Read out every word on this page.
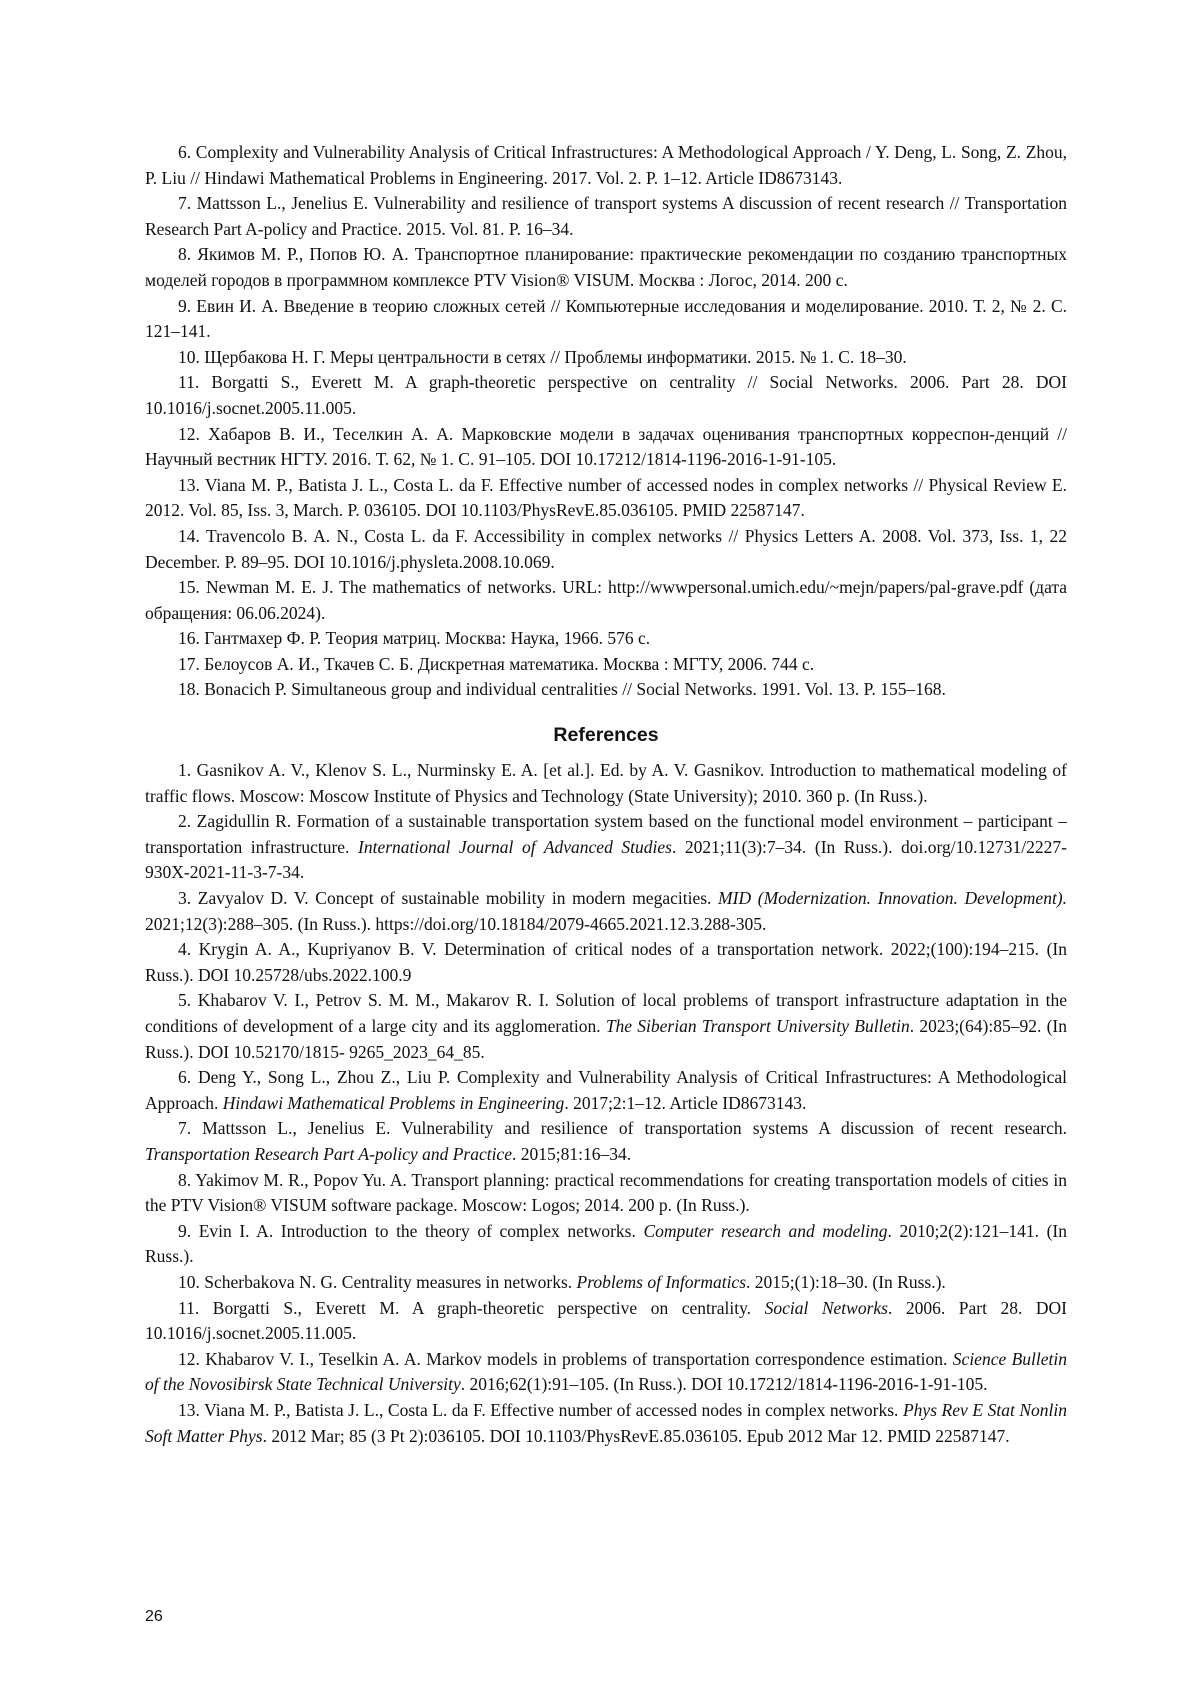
6. Complexity and Vulnerability Analysis of Critical Infrastructures: A Methodological Approach / Y. Deng, L. Song, Z. Zhou, P. Liu // Hindawi Mathematical Problems in Engineering. 2017. Vol. 2. P. 1–12. Article ID8673143.

7. Mattsson L., Jenelius E. Vulnerability and resilience of transport systems A discussion of recent research // Transportation Research Part A-policy and Practice. 2015. Vol. 81. P. 16–34.

8. Якимов М. Р., Попов Ю. А. Транспортное планирование: практические рекомендации по созданию транспортных моделей городов в программном комплексе PTV Vision® VISUM. Москва : Логос, 2014. 200 с.

9. Евин И. А. Введение в теорию сложных сетей // Компьютерные исследования и моделирование. 2010. Т. 2, № 2. С. 121–141.

10. Щербакова Н. Г. Меры центральности в сетях // Проблемы информатики. 2015. № 1. С. 18–30.

11. Borgatti S., Everett M. A graph-theoretic perspective on centrality // Social Networks. 2006. Part 28. DOI 10.1016/j.socnet.2005.11.005.

12. Хабаров В. И., Теселкин А. А. Марковские модели в задачах оценивания транспортных корреспон-денций // Научный вестник НГТУ. 2016. Т. 62, № 1. С. 91–105. DOI 10.17212/1814-1196-2016-1-91-105.

13. Viana M. P., Batista J. L., Costa L. da F. Effective number of accessed nodes in complex networks // Physical Review E. 2012. Vol. 85, Iss. 3, March. P. 036105. DOI 10.1103/PhysRevE.85.036105. PMID 22587147.

14. Travencolo B. A. N., Costa L. da F. Accessibility in complex networks // Physics Letters A. 2008. Vol. 373, Iss. 1, 22 December. P. 89–95. DOI 10.1016/j.physleta.2008.10.069.

15. Newman M. E. J. The mathematics of networks. URL: http://wwwpersonal.umich.edu/~mejn/papers/pal-grave.pdf (дата обращения: 06.06.2024).

16. Гантмахер Ф. Р. Теория матриц. Москва: Наука, 1966. 576 с.

17. Белоусов А. И., Ткачев С. Б. Дискретная математика. Москва : МГТУ, 2006. 744 с.

18. Bonacich P. Simultaneous group and individual centralities // Social Networks. 1991. Vol. 13. P. 155–168.

References

1. Gasnikov A. V., Klenov S. L., Nurminsky E. A. [et al.]. Ed. by A. V. Gasnikov. Introduction to mathematical modeling of traffic flows. Moscow: Moscow Institute of Physics and Technology (State University); 2010. 360 p. (In Russ.).

2. Zagidullin R. Formation of a sustainable transportation system based on the functional model environment – participant – transportation infrastructure. International Journal of Advanced Studies. 2021;11(3):7–34. (In Russ.). doi.org/10.12731/2227-930X-2021-11-3-7-34.

3. Zavyalov D. V. Concept of sustainable mobility in modern megacities. MID (Modernization. Innovation. Development). 2021;12(3):288–305. (In Russ.). https://doi.org/10.18184/2079-4665.2021.12.3.288-305.

4. Krygin A. A., Kupriyanov B. V. Determination of critical nodes of a transportation network. 2022;(100):194–215. (In Russ.). DOI 10.25728/ubs.2022.100.9

5. Khabarov V. I., Petrov S. M. M., Makarov R. I. Solution of local problems of transport infrastructure adaptation in the conditions of development of a large city and its agglomeration. The Siberian Transport University Bulletin. 2023;(64):85–92. (In Russ.). DOI 10.52170/1815- 9265_2023_64_85.

6. Deng Y., Song L., Zhou Z., Liu P. Complexity and Vulnerability Analysis of Critical Infrastructures: A Methodological Approach. Hindawi Mathematical Problems in Engineering. 2017;2:1–12. Article ID8673143.

7. Mattsson L., Jenelius E. Vulnerability and resilience of transportation systems A discussion of recent research. Transportation Research Part A-policy and Practice. 2015;81:16–34.

8. Yakimov M. R., Popov Yu. A. Transport planning: practical recommendations for creating transportation models of cities in the PTV Vision® VISUM software package. Moscow: Logos; 2014. 200 p. (In Russ.).

9. Evin I. A. Introduction to the theory of complex networks. Computer research and modeling. 2010;2(2):121–141. (In Russ.).

10. Scherbakova N. G. Centrality measures in networks. Problems of Informatics. 2015;(1):18–30. (In Russ.).

11. Borgatti S., Everett M. A graph-theoretic perspective on centrality. Social Networks. 2006. Part 28. DOI 10.1016/j.socnet.2005.11.005.

12. Khabarov V. I., Teselkin A. A. Markov models in problems of transportation correspondence estimation. Science Bulletin of the Novosibirsk State Technical University. 2016;62(1):91–105. (In Russ.). DOI 10.17212/1814-1196-2016-1-91-105.

13. Viana M. P., Batista J. L., Costa L. da F. Effective number of accessed nodes in complex networks. Phys Rev E Stat Nonlin Soft Matter Phys. 2012 Mar; 85 (3 Pt 2):036105. DOI 10.1103/PhysRevE.85.036105. Epub 2012 Mar 12. PMID 22587147.

26
